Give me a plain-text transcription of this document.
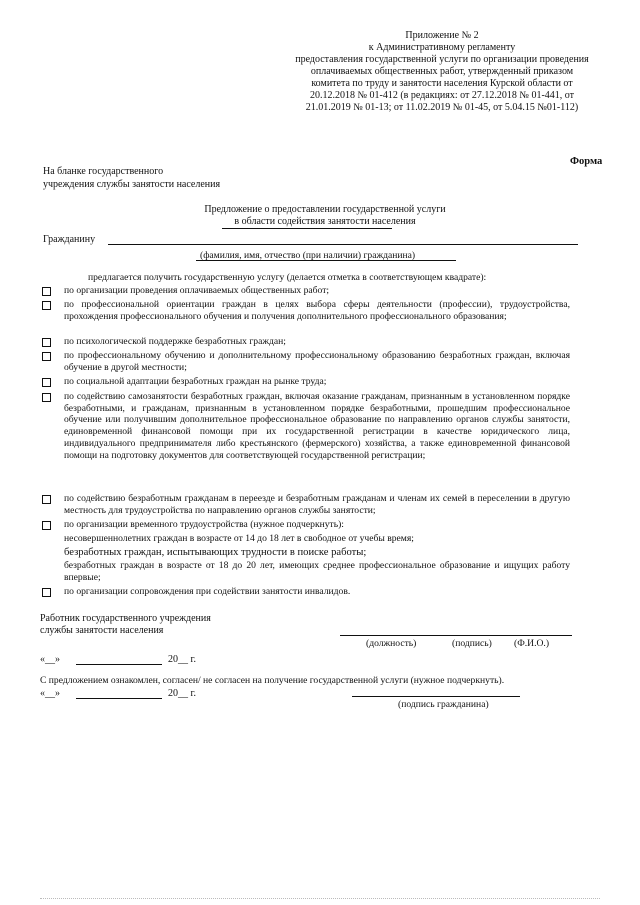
Приложение № 2
к Административному регламенту
предоставления государственной услуги по организации проведения
оплачиваемых общественных работ, утвержденный приказом
комитета по труду и занятости населения Курской области от
20.12.2018 № 01-412 (в редакциях: от 27.12.2018 № 01-441, от
21.01.2019 № 01-13; от 11.02.2019 № 01-45, от 5.04.15 №01-112)
Форма
На бланке государственного
учреждения службы занятости населения
Предложение о предоставлении государственной услуги
в области содействия занятости населения
Гражданину
(фамилия, имя, отчество (при наличии) гражданина)
предлагается получить государственную услугу (делается отметка в соответствующем квадрате):
по организации проведения оплачиваемых общественных работ;
по профессиональной ориентации граждан в целях выбора сферы деятельности (профессии), трудоустройства, прохождения профессионального обучения и получения дополнительного профессионального образования;
по психологической поддержке безработных граждан;
по профессиональному обучению и дополнительному профессиональному образованию безработных граждан, включая обучение в другой местности;
по социальной адаптации безработных граждан на рынке труда;
по содействию самозанятости безработных граждан, включая оказание гражданам, признанным в установленном порядке безработными, и гражданам, признанным в установленном порядке безработными, прошедшим профессиональное обучение или получившим дополнительное профессиональное образование по направлению органов службы занятости, единовременной финансовой помощи при их государственной регистрации в качестве юридического лица, индивидуального предпринимателя либо крестьянского (фермерского) хозяйства, а также единовременной финансовой помощи на подготовку документов для соответствующей государственной регистрации;
по содействию безработным гражданам в переезде и безработным гражданам и членам их семей в переселении в другую местность для трудоустройства по направлению органов службы занятости;
по организации временного трудоустройства (нужное подчеркнуть):
несовершеннолетних граждан в возрасте от 14 до 18 лет в свободное от учебы время;
безработных граждан, испытывающих трудности в поиске работы;
безработных граждан в возрасте от 18 до 20 лет, имеющих среднее профессиональное образование и ищущих работу впервые;
по организации сопровождения при содействии занятости инвалидов.
Работник государственного учреждения
службы занятости населения
(должность)	(подпись) (Ф.И.О.)
«__»	20__ г.
С предложением ознакомлен, согласен/ не согласен на получение государственной услуги (нужное подчеркнуть).
«__»	20__ г.
(подпись гражданина)
